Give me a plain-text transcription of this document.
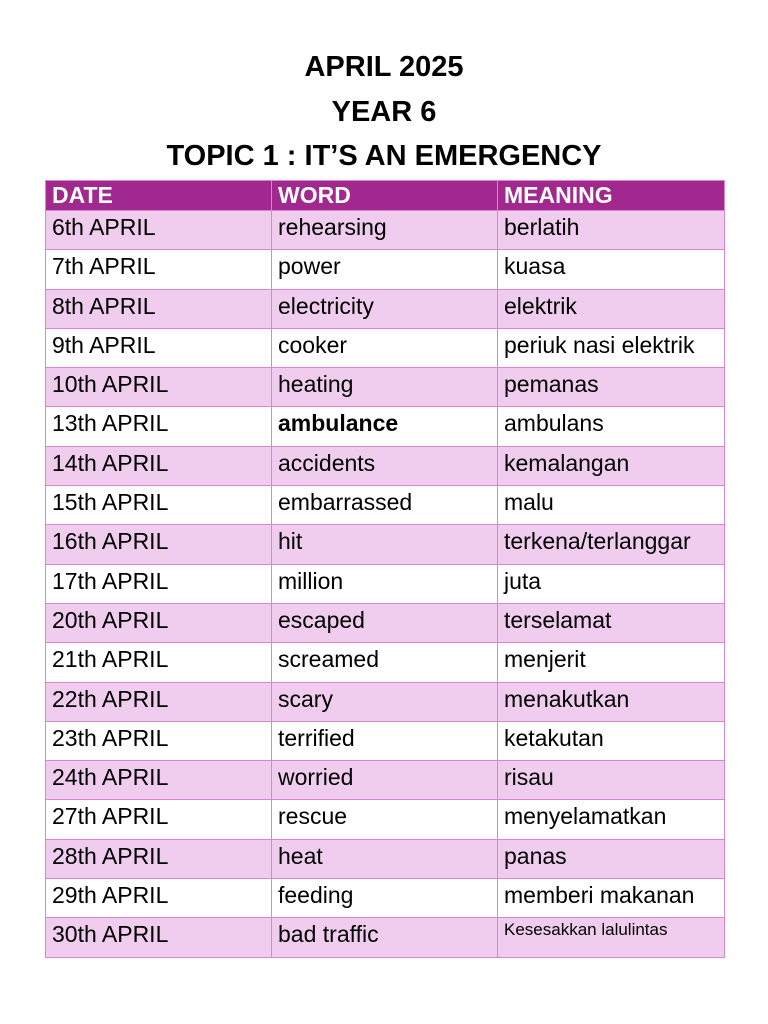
APRIL 2025

YEAR 6

TOPIC 1 : IT’S AN EMERGENCY

DATE	WORD	MEANING
6th APRIL	rehearsing	berlatih
7th APRIL	power	kuasa
8th APRIL	electricity	elektrik
9th APRIL	cooker	periuk nasi elektrik
10th APRIL	heating	pemanas
13th APRIL	ambulance	ambulans
14th APRIL	accidents	kemalangan
15th APRIL	embarrassed	malu
16th APRIL	hit	terkena/terlanggar
17th APRIL	million	juta
20th APRIL	escaped	terselamat
21th APRIL	screamed	menjerit
22th APRIL	scary	menakutkan
23th APRIL	terrified	ketakutan
24th APRIL	worried	risau
27th APRIL	rescue	menyelamatkan
28th APRIL	heat	panas
29th APRIL	feeding	memberi makanan
30th APRIL	bad traffic	Kesesakkan lalulintas
